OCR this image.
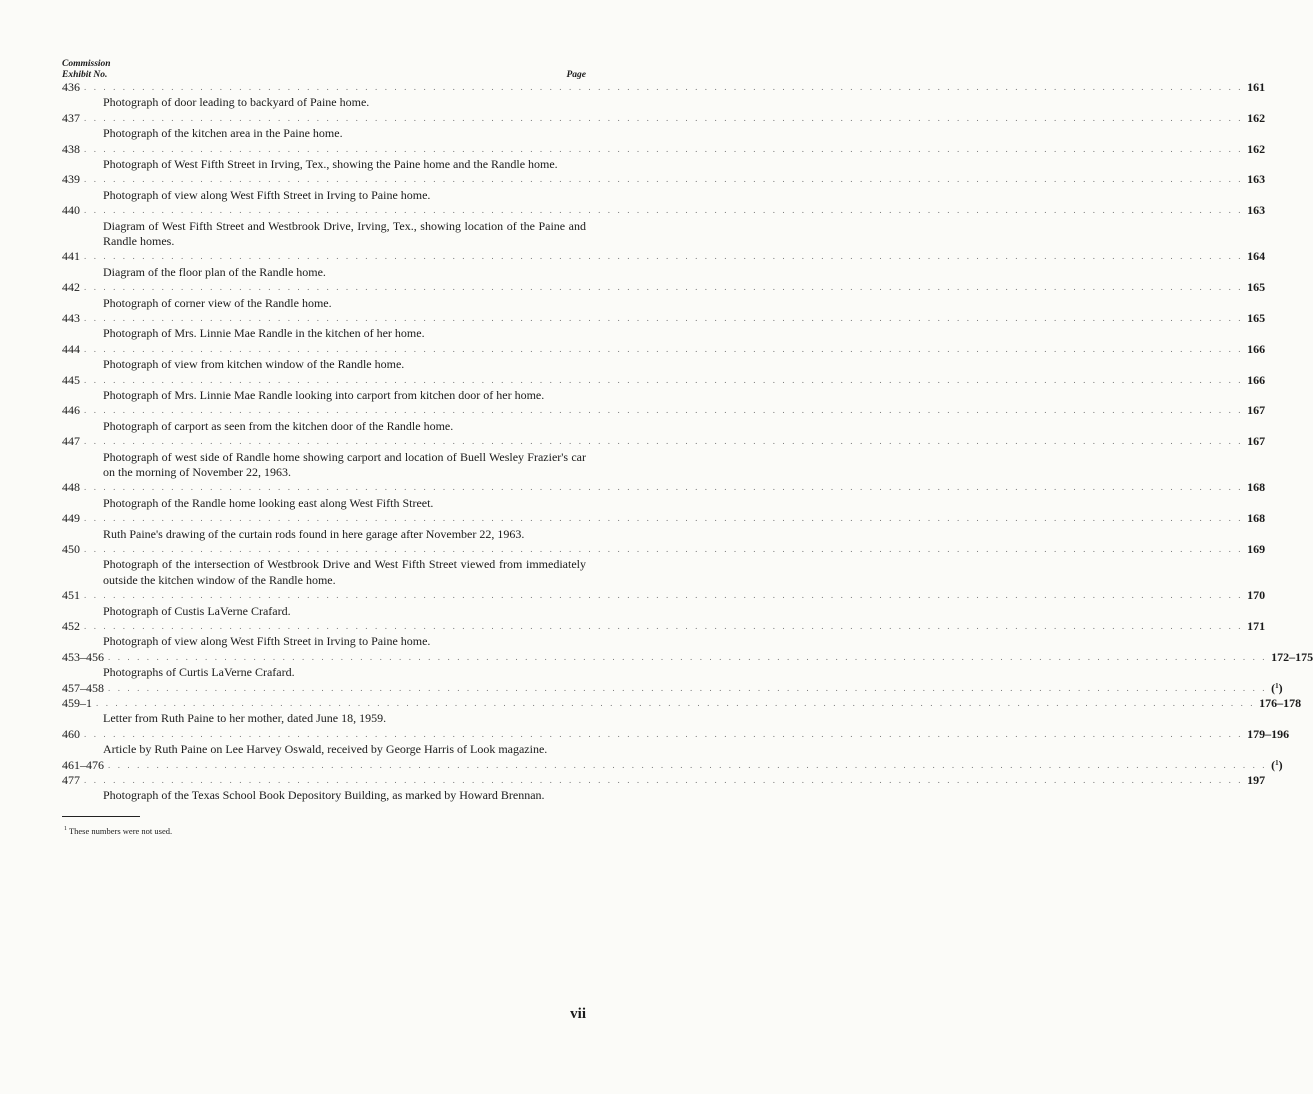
Commission
Exhibit No.	Page
436 . . . . . . . . . . . . . . . . . . . . . . . . . . . . . . . . . . . . . . . . . . . . . . . . . . . . . . . . . . . . . . . . . . . . . . . . . . . . . . . . . . . . . . . . . . . . . . . . . . . . . . . . . . . . . . . . . . . . . . . . 161
Photograph of door leading to backyard of Paine home.
437 . . . . . . . . . . . . . . . . . . . . . . . . . . . . . . . . . . . . . . . . . . . . . . . . . . . . . . . . . . . . . . . . . . . . . . . . . . . . . . . . . . . . . . . . . . . . . . . . . . . . . . . . . . . . . . . . . . . . . . . . 162
Photograph of the kitchen area in the Paine home.
438 . . . . . . . . . . . . . . . . . . . . . . . . . . . . . . . . . . . . . . . . . . . . . . . . . . . . . . . . . . . . . . . . . . . . . . . . . . . . . . . . . . . . . . . . . . . . . . . . . . . . . . . . . . . . . . . . . . . . . . . . 162
Photograph of West Fifth Street in Irving, Tex., showing the Paine home and the Randle home.
439 . . . . . . . . . . . . . . . . . . . . . . . . . . . . . . . . . . . . . . . . . . . . . . . . . . . . . . . . . . . . . . . . . . . . . . . . . . . . . . . . . . . . . . . . . . . . . . . . . . . . . . . . . . . . . . . . . . . . . . . . 163
Photograph of view along West Fifth Street in Irving to Paine home.
440 . . . . . . . . . . . . . . . . . . . . . . . . . . . . . . . . . . . . . . . . . . . . . . . . . . . . . . . . . . . . . . . . . . . . . . . . . . . . . . . . . . . . . . . . . . . . . . . . . . . . . . . . . . . . . . . . . . . . . . . . 163
Diagram of West Fifth Street and Westbrook Drive, Irving, Tex., showing location of the Paine and Randle homes.
441 . . . . . . . . . . . . . . . . . . . . . . . . . . . . . . . . . . . . . . . . . . . . . . . . . . . . . . . . . . . . . . . . . . . . . . . . . . . . . . . . . . . . . . . . . . . . . . . . . . . . . . . . . . . . . . . . . . . . . . . . 164
Diagram of the floor plan of the Randle home.
442 . . . . . . . . . . . . . . . . . . . . . . . . . . . . . . . . . . . . . . . . . . . . . . . . . . . . . . . . . . . . . . . . . . . . . . . . . . . . . . . . . . . . . . . . . . . . . . . . . . . . . . . . . . . . . . . . . . . . . . . . 165
Photograph of corner view of the Randle home.
443 . . . . . . . . . . . . . . . . . . . . . . . . . . . . . . . . . . . . . . . . . . . . . . . . . . . . . . . . . . . . . . . . . . . . . . . . . . . . . . . . . . . . . . . . . . . . . . . . . . . . . . . . . . . . . . . . . . . . . . . . 165
Photograph of Mrs. Linnie Mae Randle in the kitchen of her home.
444 . . . . . . . . . . . . . . . . . . . . . . . . . . . . . . . . . . . . . . . . . . . . . . . . . . . . . . . . . . . . . . . . . . . . . . . . . . . . . . . . . . . . . . . . . . . . . . . . . . . . . . . . . . . . . . . . . . . . . . . . 166
Photograph of view from kitchen window of the Randle home.
445 . . . . . . . . . . . . . . . . . . . . . . . . . . . . . . . . . . . . . . . . . . . . . . . . . . . . . . . . . . . . . . . . . . . . . . . . . . . . . . . . . . . . . . . . . . . . . . . . . . . . . . . . . . . . . . . . . . . . . . . . 166
Photograph of Mrs. Linnie Mae Randle looking into carport from kitchen door of her home.
446 . . . . . . . . . . . . . . . . . . . . . . . . . . . . . . . . . . . . . . . . . . . . . . . . . . . . . . . . . . . . . . . . . . . . . . . . . . . . . . . . . . . . . . . . . . . . . . . . . . . . . . . . . . . . . . . . . . . . . . . . 167
Photograph of carport as seen from the kitchen door of the Randle home.
447 . . . . . . . . . . . . . . . . . . . . . . . . . . . . . . . . . . . . . . . . . . . . . . . . . . . . . . . . . . . . . . . . . . . . . . . . . . . . . . . . . . . . . . . . . . . . . . . . . . . . . . . . . . . . . . . . . . . . . . . . 167
Photograph of west side of Randle home showing carport and location of Buell Wesley Frazier's car on the morning of November 22, 1963.
448 . . . . . . . . . . . . . . . . . . . . . . . . . . . . . . . . . . . . . . . . . . . . . . . . . . . . . . . . . . . . . . . . . . . . . . . . . . . . . . . . . . . . . . . . . . . . . . . . . . . . . . . . . . . . . . . . . . . . . . . . 168
Photograph of the Randle home looking east along West Fifth Street.
449 . . . . . . . . . . . . . . . . . . . . . . . . . . . . . . . . . . . . . . . . . . . . . . . . . . . . . . . . . . . . . . . . . . . . . . . . . . . . . . . . . . . . . . . . . . . . . . . . . . . . . . . . . . . . . . . . . . . . . . . . 168
Ruth Paine's drawing of the curtain rods found in here garage after November 22, 1963.
450 . . . . . . . . . . . . . . . . . . . . . . . . . . . . . . . . . . . . . . . . . . . . . . . . . . . . . . . . . . . . . . . . . . . . . . . . . . . . . . . . . . . . . . . . . . . . . . . . . . . . . . . . . . . . . . . . . . . . . . . . 169
Photograph of the intersection of Westbrook Drive and West Fifth Street viewed from immediately outside the kitchen window of the Randle home.
451 . . . . . . . . . . . . . . . . . . . . . . . . . . . . . . . . . . . . . . . . . . . . . . . . . . . . . . . . . . . . . . . . . . . . . . . . . . . . . . . . . . . . . . . . . . . . . . . . . . . . . . . . . . . . . . . . . . . . . . . . 170
Photograph of Custis LaVerne Crafard.
452 . . . . . . . . . . . . . . . . . . . . . . . . . . . . . . . . . . . . . . . . . . . . . . . . . . . . . . . . . . . . . . . . . . . . . . . . . . . . . . . . . . . . . . . . . . . . . . . . . . . . . . . . . . . . . . . . . . . . . . . . 171
Photograph of view along West Fifth Street in Irving to Paine home.
453–456 . . . . . . . . . . . . . . . . . . . . . . . . . . . . . . . . . . . . . . . . . . . . . . . . . . . . . . . . . . . . . . . . . . . . . . . . . . . . . . . . . . . . . . . . . . . . . . . . . . . . . . . . . . . . . . . . . . . . . . . . 172–175
Photographs of Curtis LaVerne Crafard.
457–458 . . . . . . . . . . . . . . . . . . . . . . . . . . . . . . . . . . . . . . . . . . . . . . . . . . . . . . . . . . . . . . . . . . . . . . . . . . . . . . . . . . . . . . . . . . . . . . . . . . . . . . . . . . . . . . . . . . . . . . . . ($^1$)
459–1 . . . . . . . . . . . . . . . . . . . . . . . . . . . . . . . . . . . . . . . . . . . . . . . . . . . . . . . . . . . . . . . . . . . . . . . . . . . . . . . . . . . . . . . . . . . . . . . . . . . . . . . . . . . . . . . . . . . . . . . . 176–178
Letter from Ruth Paine to her mother, dated June 18, 1959.
460 . . . . . . . . . . . . . . . . . . . . . . . . . . . . . . . . . . . . . . . . . . . . . . . . . . . . . . . . . . . . . . . . . . . . . . . . . . . . . . . . . . . . . . . . . . . . . . . . . . . . . . . . . . . . . . . . . . . . . . . . 179–196
Article by Ruth Paine on Lee Harvey Oswald, received by George Harris of Look magazine.
461–476 . . . . . . . . . . . . . . . . . . . . . . . . . . . . . . . . . . . . . . . . . . . . . . . . . . . . . . . . . . . . . . . . . . . . . . . . . . . . . . . . . . . . . . . . . . . . . . . . . . . . . . . . . . . . . . . . . . . . . . . . ($^1$)
477 . . . . . . . . . . . . . . . . . . . . . . . . . . . . . . . . . . . . . . . . . . . . . . . . . . . . . . . . . . . . . . . . . . . . . . . . . . . . . . . . . . . . . . . . . . . . . . . . . . . . . . . . . . . . . . . . . . . . . . . . 197
Photograph of the Texas School Book Depository Building, as marked by Howard Brennan.
$^1$ These numbers were not used.
vii
